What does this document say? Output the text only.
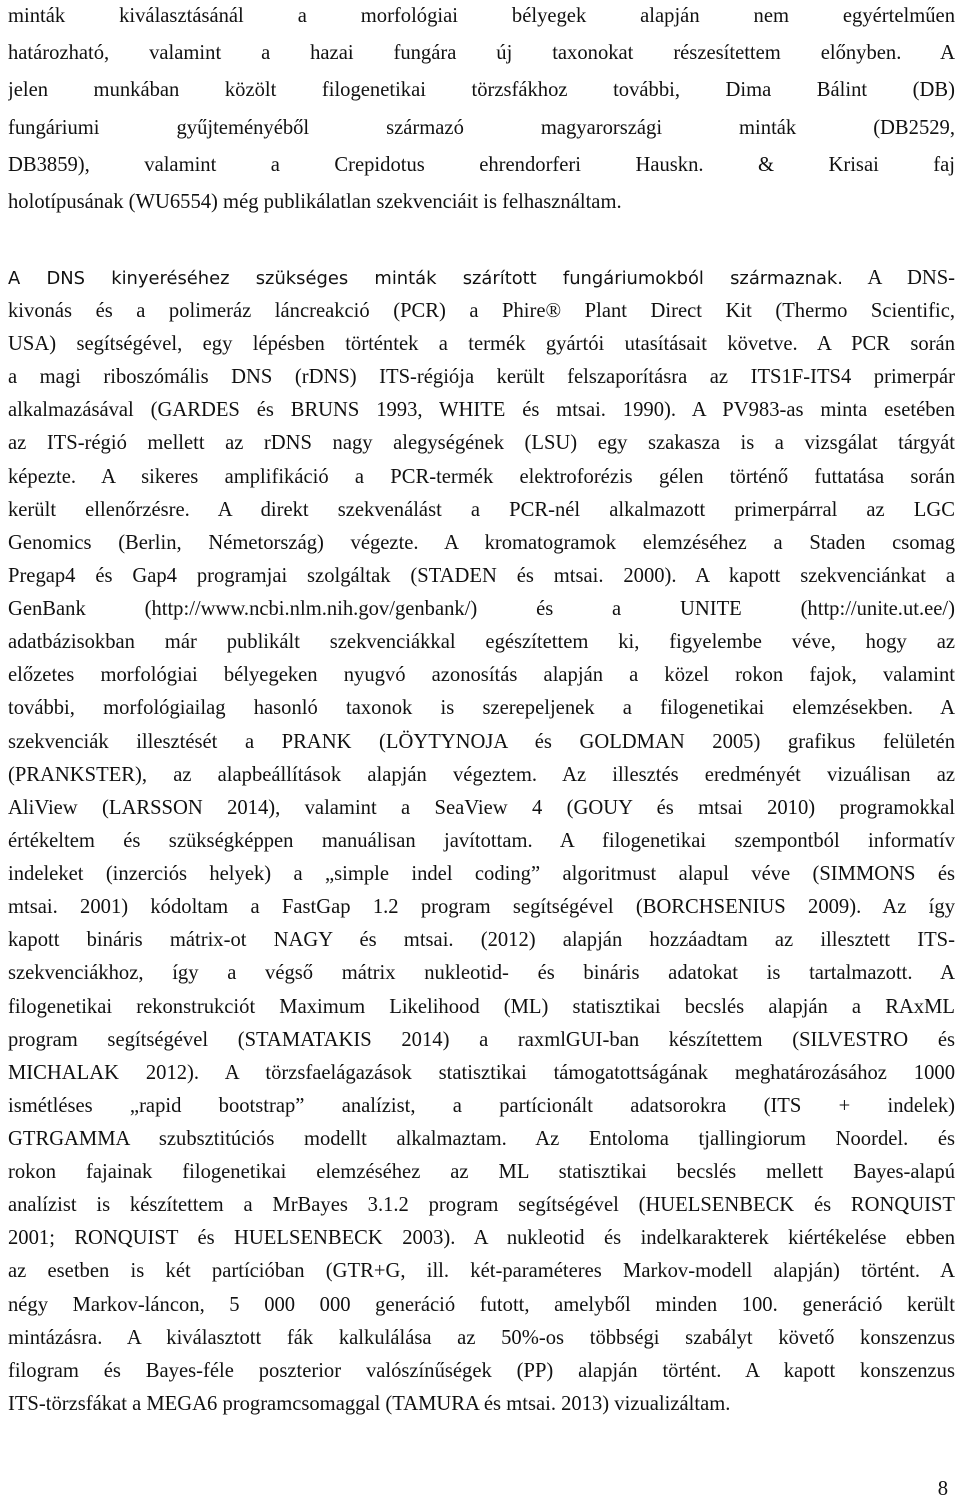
minták kiválasztásánál a morfológiai bélyegek alapján nem egyértelműen
határozható, valamint a hazai fungára új taxonokat részesítettem előnyben. A
jelen munkában közölt filogenetikai törzsfákhoz további, Dima Bálint (DB)
fungáriumi gyűjteményéből származó magyarországi minták (DB2529,
DB3859), valamint a Crepidotus ehrendorferi Hauskn. & Krisai faj
holotípusának (WU6554) még publikálatlan szekvenciáit is felhasználtam.
A DNS kinyeréséhez szükséges minták szárított fungáriumokból származnak. A DNS-
kivonás és a polimeráz láncreakció (PCR) a Phire® Plant Direct Kit (Thermo Scientific,
USA) segítségével, egy lépésben történtek a termék gyártói utasításait követve. A PCR során
a magi riboszómális DNS (rDNS) ITS-régiója került felszaporításra az ITS1F-ITS4 primerpár
alkalmazásával (GARDES és BRUNS 1993, WHITE és mtsai. 1990). A PV983-as minta esetében
az ITS-régió mellett az rDNS nagy alegységének (LSU) egy szakasza is a vizsgálat tárgyát
képezte. A sikeres amplifikáció a PCR-termék elektroforézis gélen történő futtatása során
került ellenőrzésre. A direkt szekvenálást a PCR-nél alkalmazott primerpárral az LGC
Genomics (Berlin, Németország) végezte. A kromatogramok elemzéséhez a Staden csomag
Pregap4 és Gap4 programjai szolgáltak (STADEN és mtsai. 2000). A kapott szekvenciánkat a
GenBank (http://www.ncbi.nlm.nih.gov/genbank/) és a UNITE (http://unite.ut.ee/)
adatbázisokban már publikált szekvenciákkal egészítettem ki, figyelembe véve, hogy az
előzetes morfológiai bélyegeken nyugvó azonosítás alapján a közel rokon fajok, valamint
további, morfológiailag hasonló taxonok is szerepeljenek a filogenetikai elemzésekben. A
szekvenciák illesztését a PRANK (LÖYTYNOJA és GOLDMAN 2005) grafikus felületén
(PRANKSTER), az alapbeállítások alapján végeztem. Az illesztés eredményét vizuálisan az
AliView (LARSSON 2014), valamint a SeaView 4 (GOUY és mtsai 2010) programokkal
értékeltem és szükségképpen manuálisan javítottam. A filogenetikai szempontból informatív
indeleket (inzerciós helyek) a „simple indel coding” algoritmust alapul véve (SIMMONS és
mtsai. 2001) kódoltam a FastGap 1.2 program segítségével (BORCHSENIUS 2009). Az így
kapott bináris mátrix-ot NAGY és mtsai. (2012) alapján hozzáadtam az illesztett ITS-
szekvenciákhoz, így a végső mátrix nukleotid- és bináris adatokat is tartalmazott. A
filogenetikai rekonstrukciót Maximum Likelihood (ML) statisztikai becslés alapján a RAxML
program segítségével (STAMATAKIS 2014) a raxmlGUI-ban készítettem (SILVESTRO és
MICHALAK 2012). A törzsfaelágazások statisztikai támogatottságának meghatározásához 1000
ismétléses „rapid bootstrap” analízist, a partícionált adatsorokra (ITS + indelek)
GTRGAMMA szubsztitúciós modellt alkalmaztam. Az Entoloma tjallingiorum Noordel. és
rokon fajainak filogenetikai elemzéséhez az ML statisztikai becslés mellett Bayes-alapú
analízist is készítettem a MrBayes 3.1.2 program segítségével (HUELSENBECK és RONQUIST
2001; RONQUIST és HUELSENBECK 2003). A nukleotid és indelkarakterek kiértékelése ebben
az esetben is két partícióban (GTR+G, ill. két-paraméteres Markov-modell alapján) történt. A
négy Markov-láncon, 5 000 000 generáció futott, amelyből minden 100. generáció került
mintázásra. A kiválasztott fák kalkulálása az 50%-os többségi szabályt követő konszenzus
filogram és Bayes-féle poszterior valószínűségek (PP) alapján történt. A kapott konszenzus
ITS-törzsfákat a MEGA6 programcsomaggal (TAMURA és mtsai. 2013) vizualizáltam.
8
